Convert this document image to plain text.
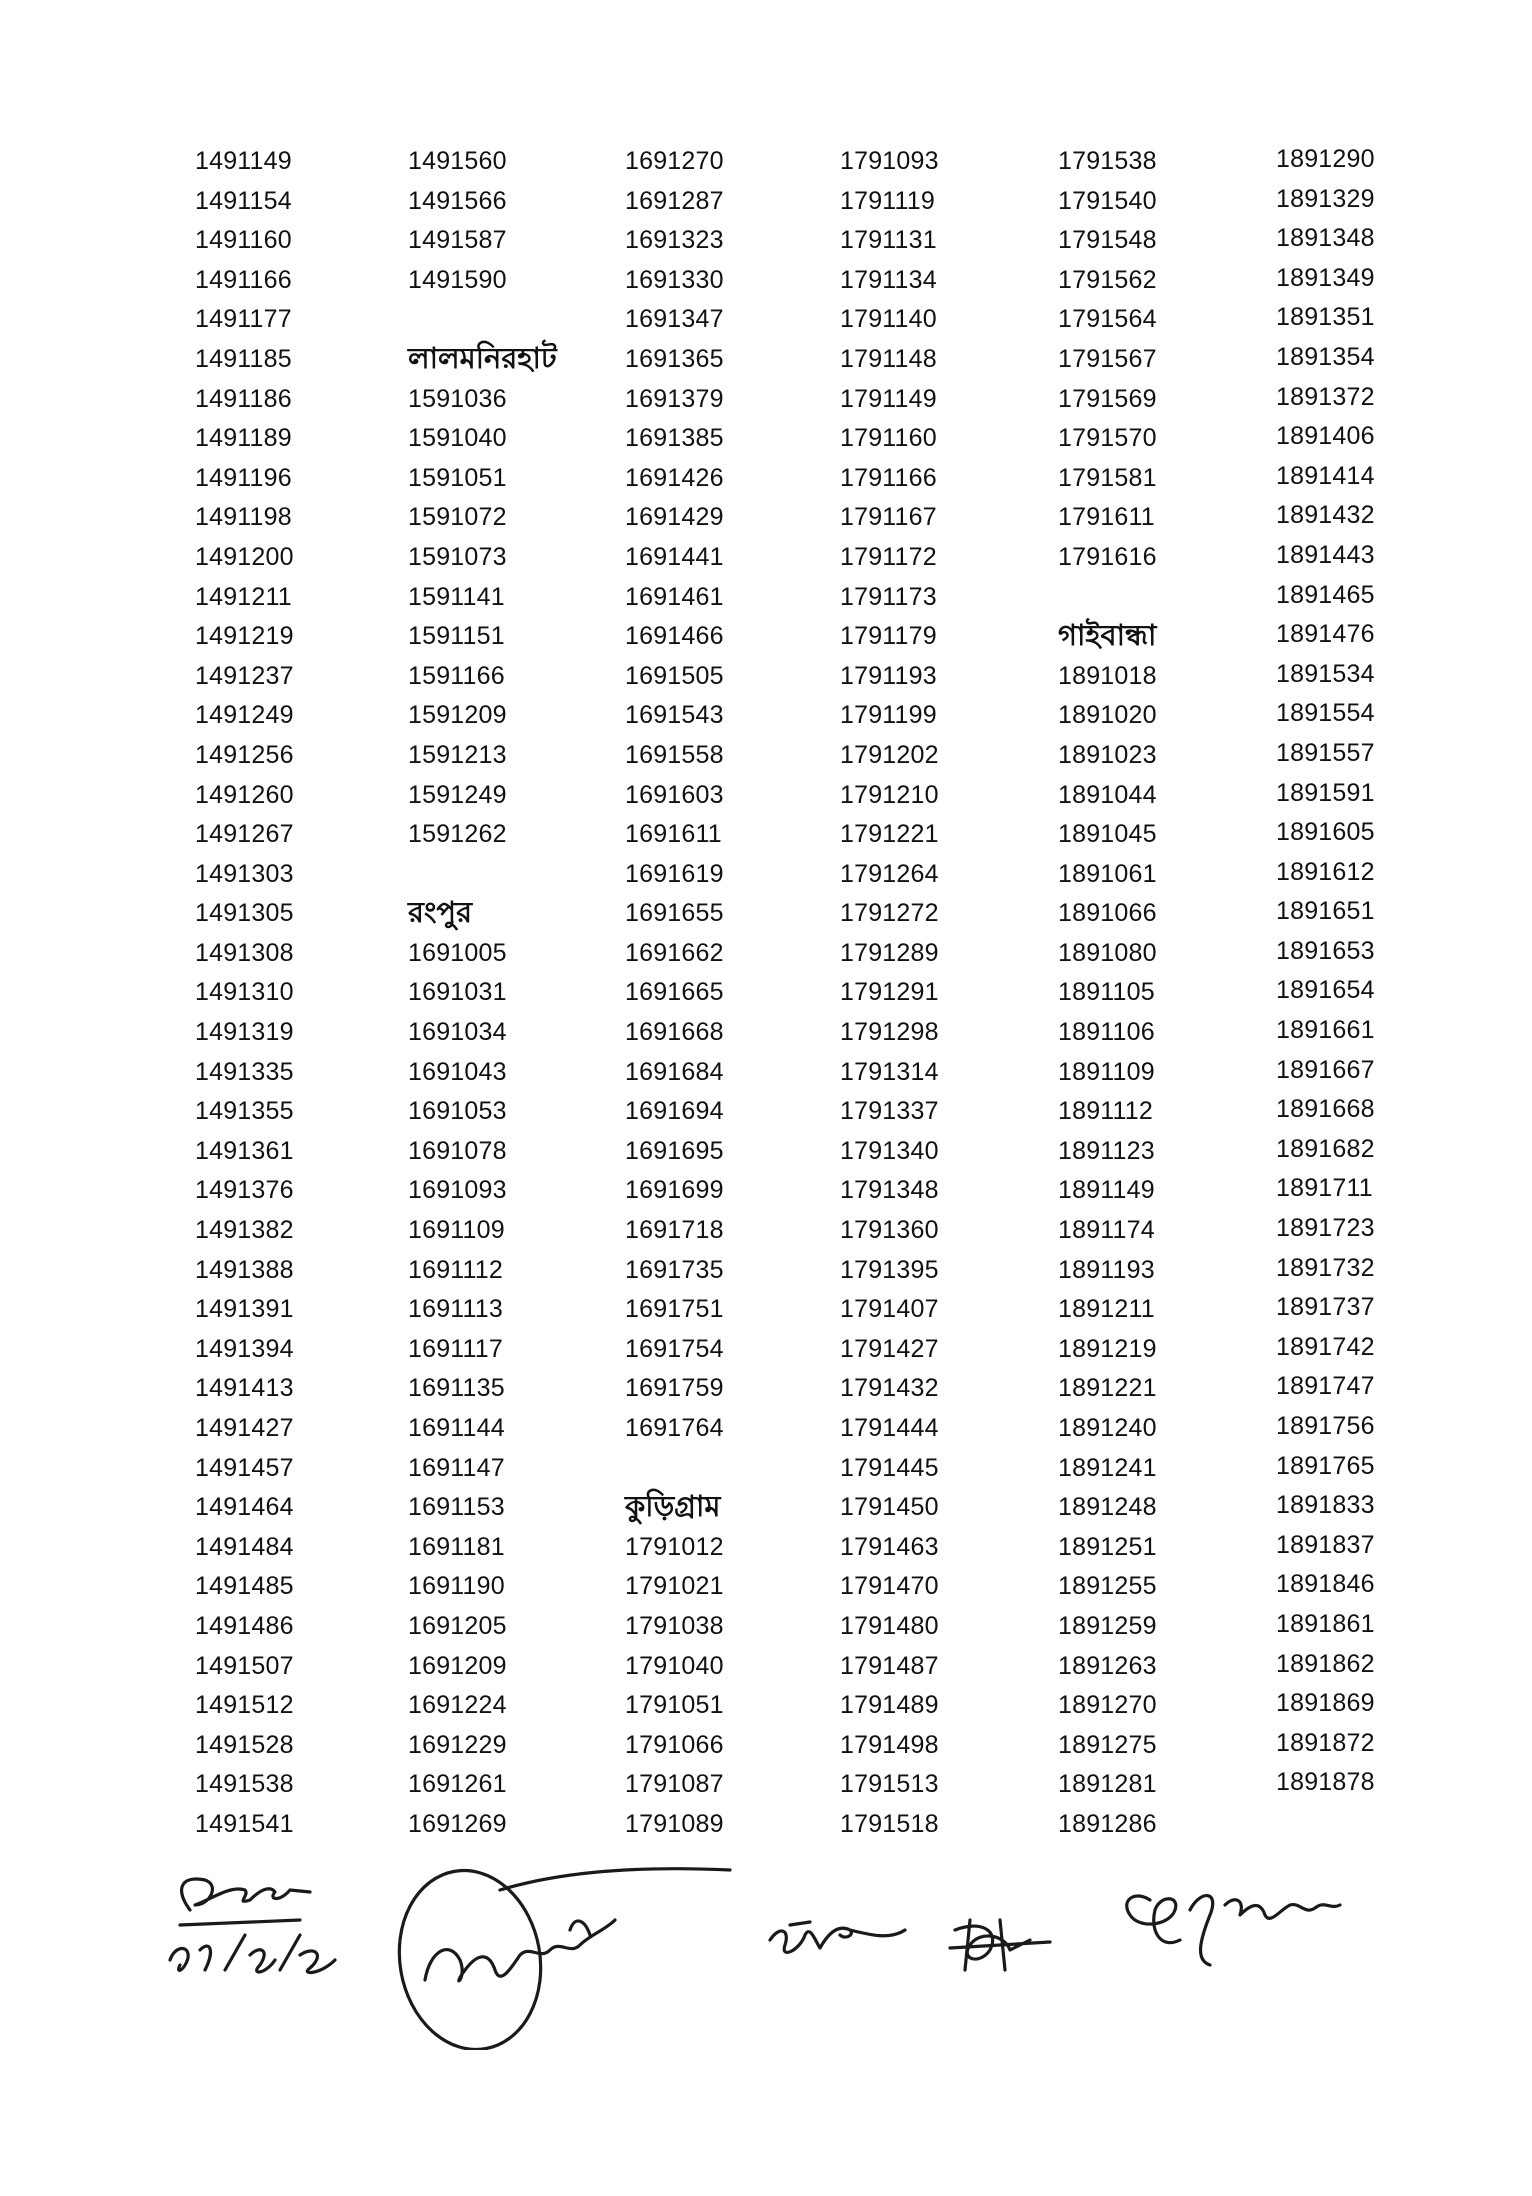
1491149
1491154
1491160
1491166
1491177
1491185
1491186
1491189
1491196
1491198
1491200
1491211
1491219
1491237
1491249
1491256
1491260
1491267
1491303
1491305
1491308
1491310
1491319
1491335
1491355
1491361
1491376
1491382
1491388
1491391
1491394
1491413
1491427
1491457
1491464
1491484
1491485
1491486
1491507
1491512
1491528
1491538
1491541
1491560
1491566
1491587
1491590
লালমনিরহাট
1591036
1591040
1591051
1591072
1591073
1591141
1591151
1591166
1591209
1591213
1591249
1591262
রংপুর
1691005
1691031
1691034
1691043
1691053
1691078
1691093
1691109
1691112
1691113
1691117
1691135
1691144
1691147
1691153
1691181
1691190
1691205
1691209
1691224
1691229
1691261
1691269
1691270
1691287
1691323
1691330
1691347
1691365
1691379
1691385
1691426
1691429
1691441
1691461
1691466
1691505
1691543
1691558
1691603
1691611
1691619
1691655
1691662
1691665
1691668
1691684
1691694
1691695
1691699
1691718
1691735
1691751
1691754
1691759
1691764
কুড়িগ্রাম
1791012
1791021
1791038
1791040
1791051
1791066
1791087
1791089
1791093
1791119
1791131
1791134
1791140
1791148
1791149
1791160
1791166
1791167
1791172
1791173
1791179
1791193
1791199
1791202
1791210
1791221
1791264
1791272
1791289
1791291
1791298
1791314
1791337
1791340
1791348
1791360
1791395
1791407
1791427
1791432
1791444
1791445
1791450
1791463
1791470
1791480
1791487
1791489
1791498
1791513
1791518
1791538
1791540
1791548
1791562
1791564
1791567
1791569
1791570
1791581
1791611
1791616
গাইবান্ধা
1891018
1891020
1891023
1891044
1891045
1891061
1891066
1891080
1891105
1891106
1891109
1891112
1891123
1891149
1891174
1891193
1891211
1891219
1891221
1891240
1891241
1891248
1891251
1891255
1891259
1891263
1891270
1891275
1891281
1891286
1891290
1891329
1891348
1891349
1891351
1891354
1891372
1891406
1891414
1891432
1891443
1891465
1891476
1891534
1891554
1891557
1891591
1891605
1891612
1891651
1891653
1891654
1891661
1891667
1891668
1891682
1891711
1891723
1891732
1891737
1891742
1891747
1891756
1891765
1891833
1891837
1891846
1891861
1891862
1891869
1891872
1891878
